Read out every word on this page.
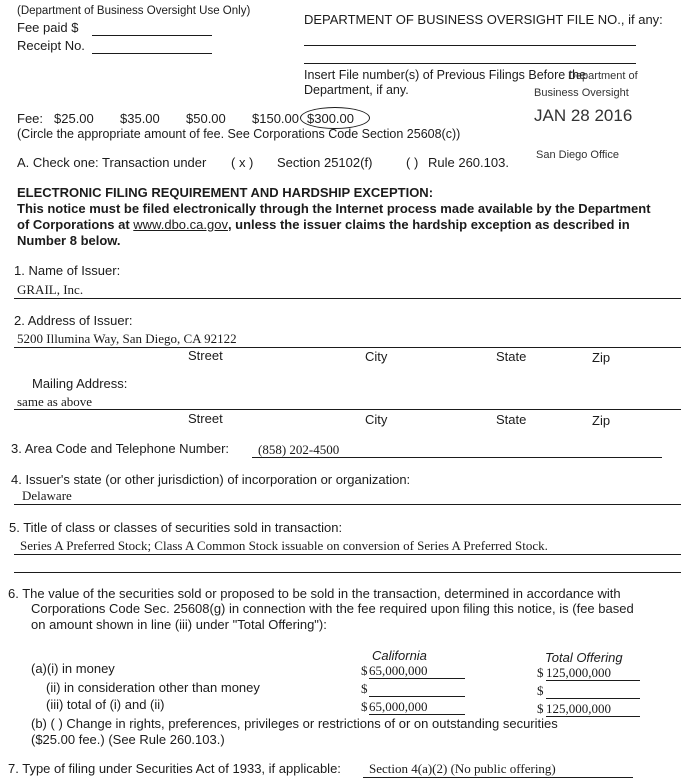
(Department of Business Oversight Use Only)
Fee paid $
Receipt No.
DEPARTMENT OF BUSINESS OVERSIGHT FILE NO., if any:
Insert File number(s) of Previous Filings Before the
Department, if any.
Department of
Business Oversight
JAN 28 2016
San Diego Office
Fee: $25.00 $35.00 $50.00 $150.00 $300.00
(Circle the appropriate amount of fee. See Corporations Code Section 25608(c))
A. Check one: Transaction under ( x ) Section 25102(f)	( ) Rule 260.103.
ELECTRONIC FILING REQUIREMENT AND HARDSHIP EXCEPTION:
This notice must be filed electronically through the Internet process made available by the Department
of Corporations at www.dbo.ca.gov, unless the issuer claims the hardship exception as described in
Number 8 below.
1. Name of Issuer:
GRAIL, Inc.
2. Address of Issuer:
5200 Illumina Way, San Diego, CA 92122
Street	City	State	Zip
Mailing Address:
same as above
Street	City	State	Zip
3. Area Code and Telephone Number: (858) 202-4500
4. Issuer's state (or other jurisdiction) of incorporation or organization:
Delaware
5. Title of class or classes of securities sold in transaction:
Series A Preferred Stock; Class A Common Stock issuable on conversion of Series A Preferred Stock.
6. The value of the securities sold or proposed to be sold in the transaction, determined in accordance with
Corporations Code Sec. 25608(g) in connection with the fee required upon filing this notice, is (fee based
on amount shown in line (iii) under "Total Offering"):
California	Total Offering
(a)(i) in money	$ 65,000,000	$ 125,000,000
(ii) in consideration other than money	$	$
(iii) total of (i) and (ii)	$ 65,000,000	$ 125,000,000
(b) ( ) Change in rights, preferences, privileges or restrictions of or on outstanding securities
($25.00 fee.) (See Rule 260.103.)
7. Type of filing under Securities Act of 1933, if applicable: Section 4(a)(2) (No public offering)
